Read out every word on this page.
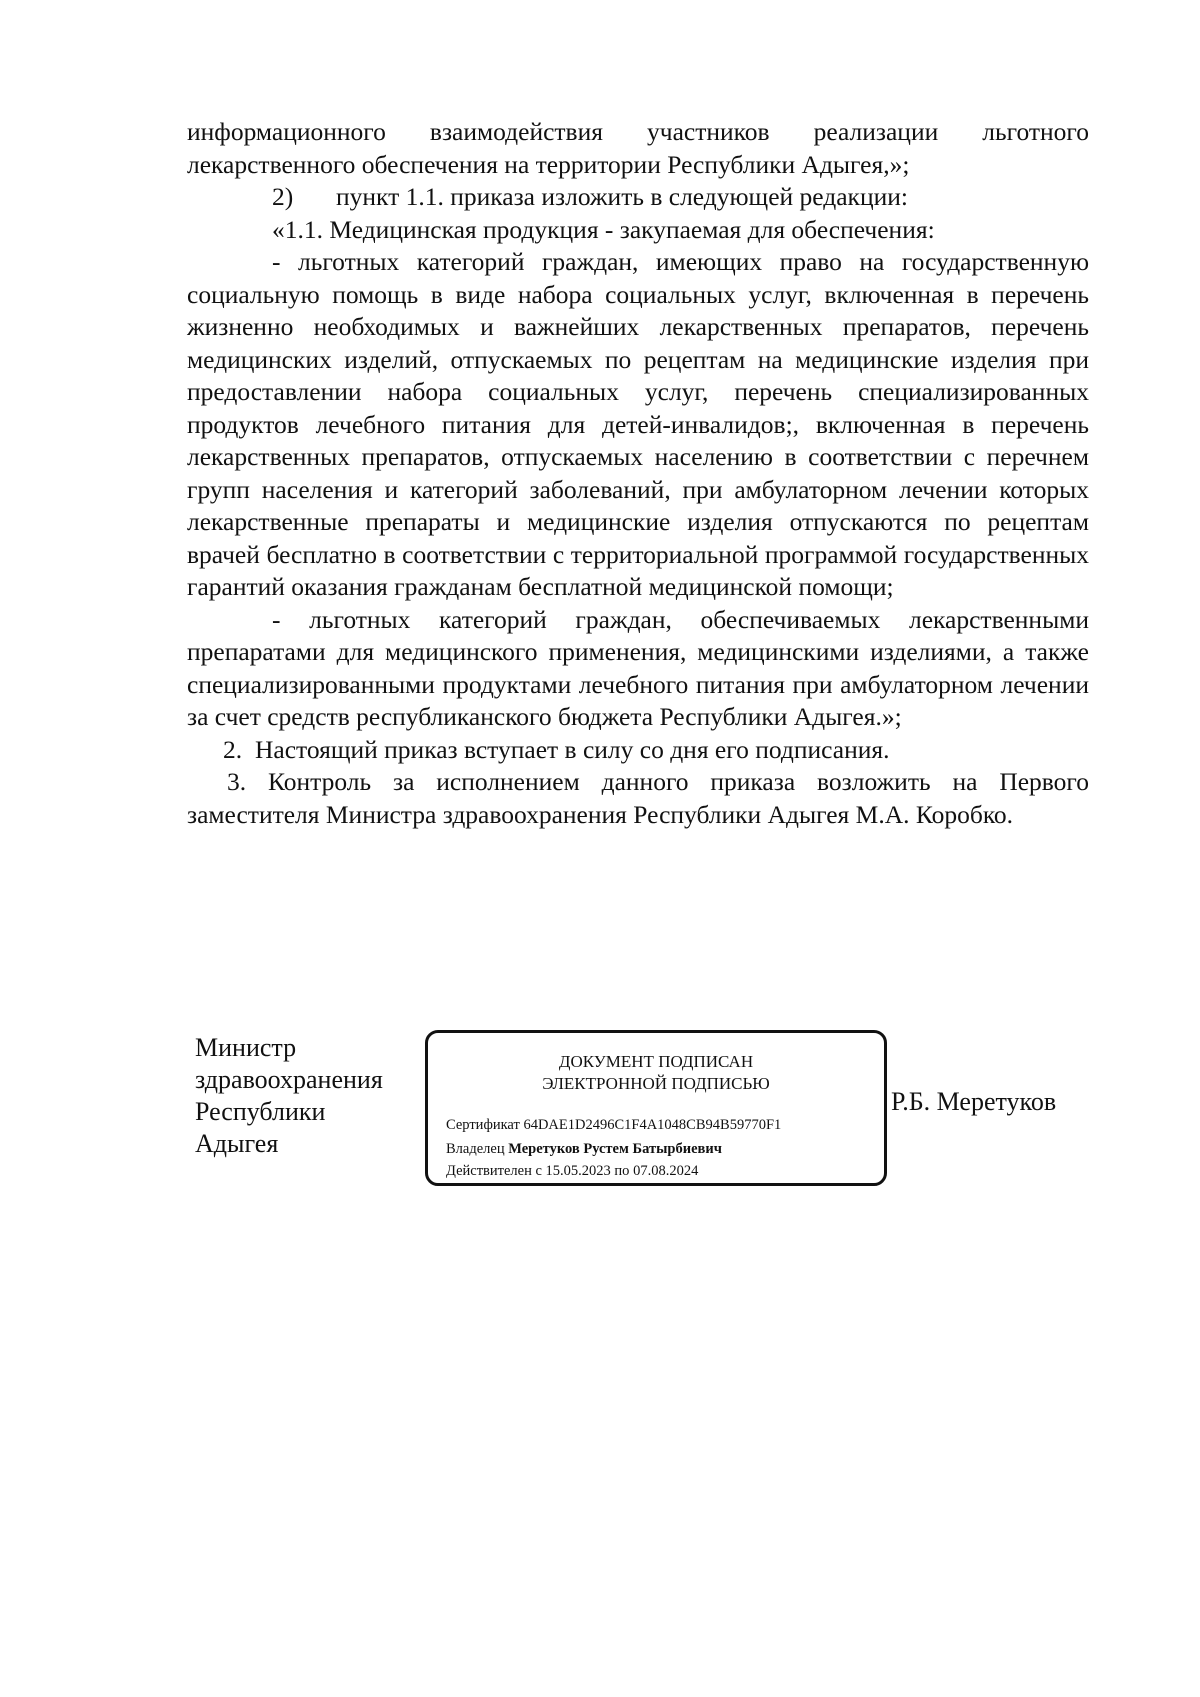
информационного взаимодействия участников реализации льготного лекарственного обеспечения на территории Республики Адыгея,»;

2)	пункт 1.1. приказа изложить в следующей редакции:

«1.1. Медицинская продукция - закупаемая для обеспечения:

- льготных категорий граждан, имеющих право на государственную социальную помощь в виде набора социальных услуг, включенная в перечень жизненно необходимых и важнейших лекарственных препаратов, перечень медицинских изделий, отпускаемых по рецептам на медицинские изделия при предоставлении набора социальных услуг, перечень специализированных продуктов лечебного питания для детей-инвалидов;, включенная в перечень лекарственных препаратов, отпускаемых населению в соответствии с перечнем групп населения и категорий заболеваний, при амбулаторном лечении которых лекарственные препараты и медицинские изделия отпускаются по рецептам врачей бесплатно в соответствии с территориальной программой государственных гарантий оказания гражданам бесплатной медицинской помощи;

- льготных категорий граждан, обеспечиваемых лекарственными препаратами для медицинского применения, медицинскими изделиями, а также специализированными продуктами лечебного питания при амбулаторном лечении за счет средств республиканского бюджета Республики Адыгея.»;

2. Настоящий приказ вступает в силу со дня его подписания.

3. Контроль за исполнением данного приказа возложить на Первого заместителя Министра здравоохранения Республики Адыгея М.А. Коробко.

Министр
здравоохранения
Республики
Адыгея
ДОКУМЕНТ ПОДПИСАН
ЭЛЕКТРОННОЙ ПОДПИСЬЮ
Сертификат 64DAE1D2496C1F4A1048CB94B59770F1
Владелец Меретуков Рустем Батырбиевич
Действителен с 15.05.2023 по 07.08.2024
Р.Б. Меретуков
